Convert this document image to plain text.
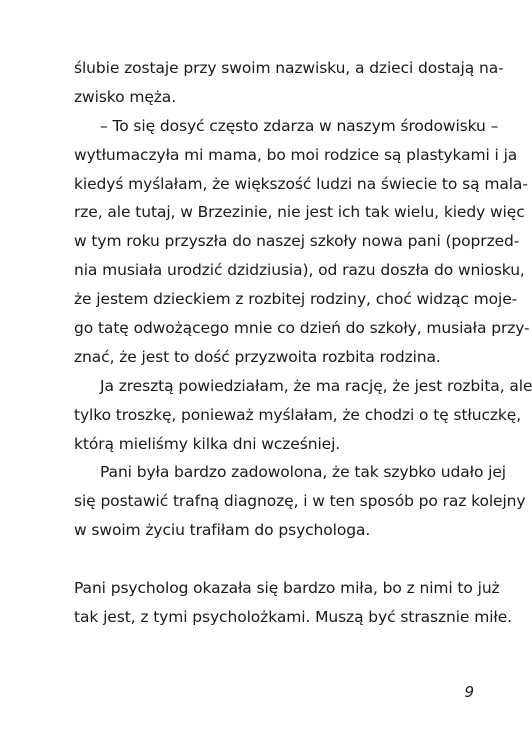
ślubie zostaje przy swoim nazwisku, a dzieci dostają na-
zwisko męża.
– To się dosyć często zdarza w naszym środowisku –
wytłumaczyła mi mama, bo moi rodzice są plastykami i ja
kiedyś myślałam, że większość ludzi na świecie to są mala-
rze, ale tutaj, w Brzezinie, nie jest ich tak wielu, kiedy więc
w tym roku przyszła do naszej szkoły nowa pani (poprzed-
nia musiała urodzić dzidziusia), od razu doszła do wniosku,
że jestem dzieckiem z rozbitej rodziny, choć widząc moje-
go tatę odwożącego mnie co dzień do szkoły, musiała przy-
znać, że jest to dość przyzwoita rozbita rodzina.
Ja zresztą powiedziałam, że ma rację, że jest rozbita, ale
tylko troszkę, ponieważ myślałam, że chodzi o tę stłuczkę,
którą mieliśmy kilka dni wcześniej.
Pani była bardzo zadowolona, że tak szybko udało jej
się postawić trafną diagnozę, i w ten sposób po raz kolejny
w swoim życiu trafiłam do psychologa.
Pani psycholog okazała się bardzo miła, bo z nimi to już
tak jest, z tymi psycholożkami. Muszą być strasznie miłe.
9
